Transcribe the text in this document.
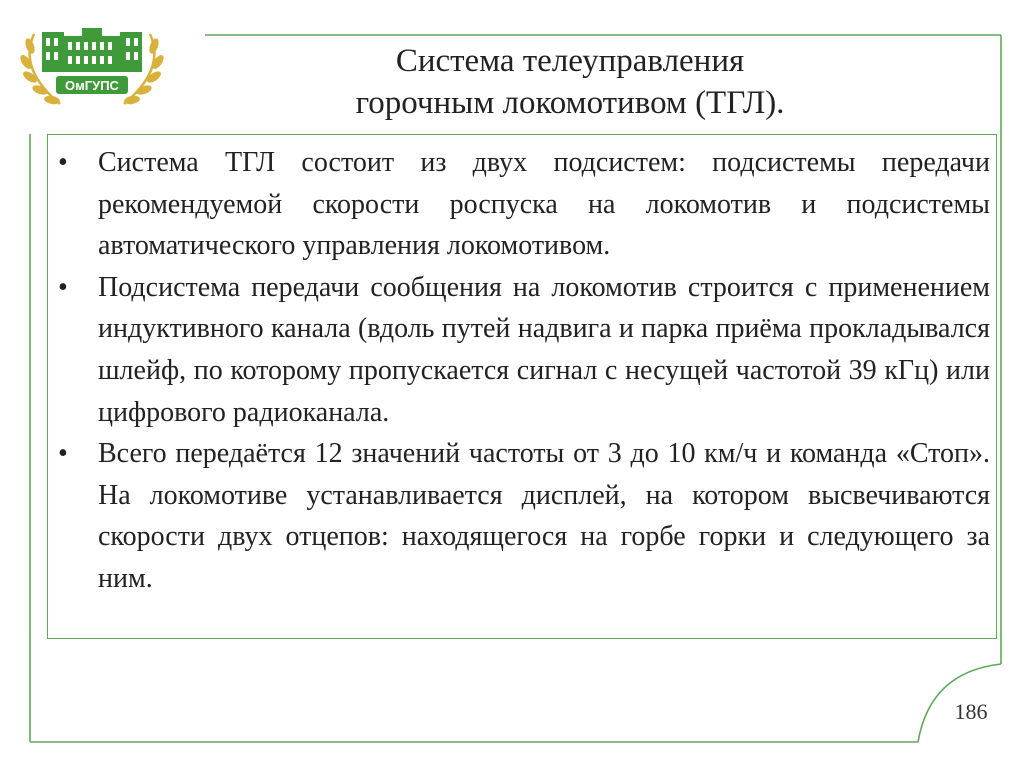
ОмГУПС
Система телеуправления
горочным локомотивом (ТГЛ).
•	Система ТГЛ состоит из двух подсистем: подсистемы передачи рекомендуемой скорости роспуска на локомотив и подсистемы автоматического управления локомотивом.
•	Подсистема передачи сообщения на локомотив строится с применением индуктивного канала (вдоль путей надвига и парка приёма прокладывался шлейф, по которому пропускается сигнал с несущей частотой 39 кГц) или цифрового радиоканала.
•	Всего передаётся 12 значений частоты от 3 до 10 км/ч и команда «Стоп». На локомотиве устанавливается дисплей, на котором высвечиваются скорости двух отцепов: находящегося на горбе горки и следующего за ним.
186
